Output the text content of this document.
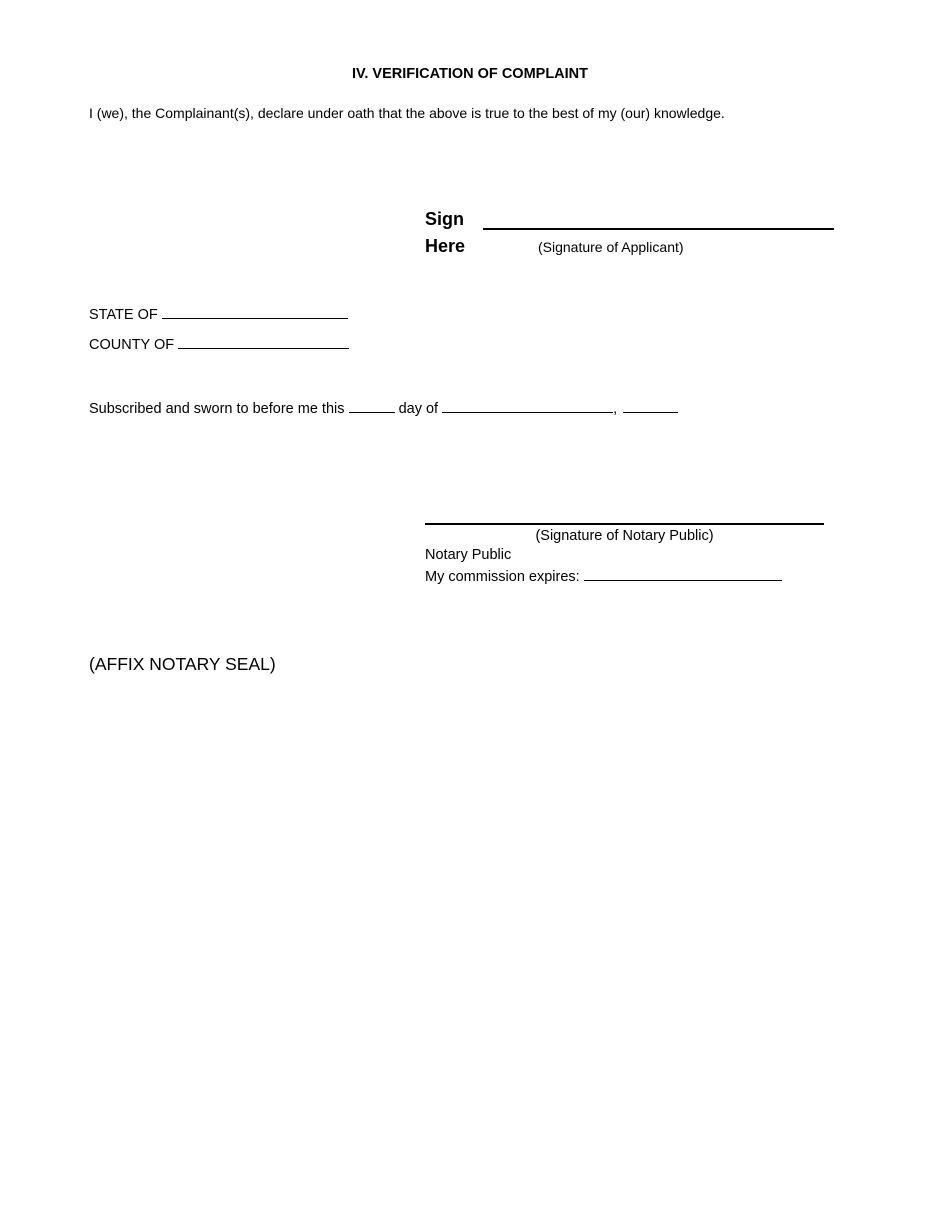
IV. VERIFICATION OF COMPLAINT
I (we), the Complainant(s), declare under oath that the above is true to the best of my (our) knowledge.
Sign
Here	(Signature of Applicant)
STATE OF
COUNTY OF
Subscribed and sworn to before me this	day of	,
(Signature of Notary Public)
Notary Public
My commission expires:
(AFFIX NOTARY SEAL)
